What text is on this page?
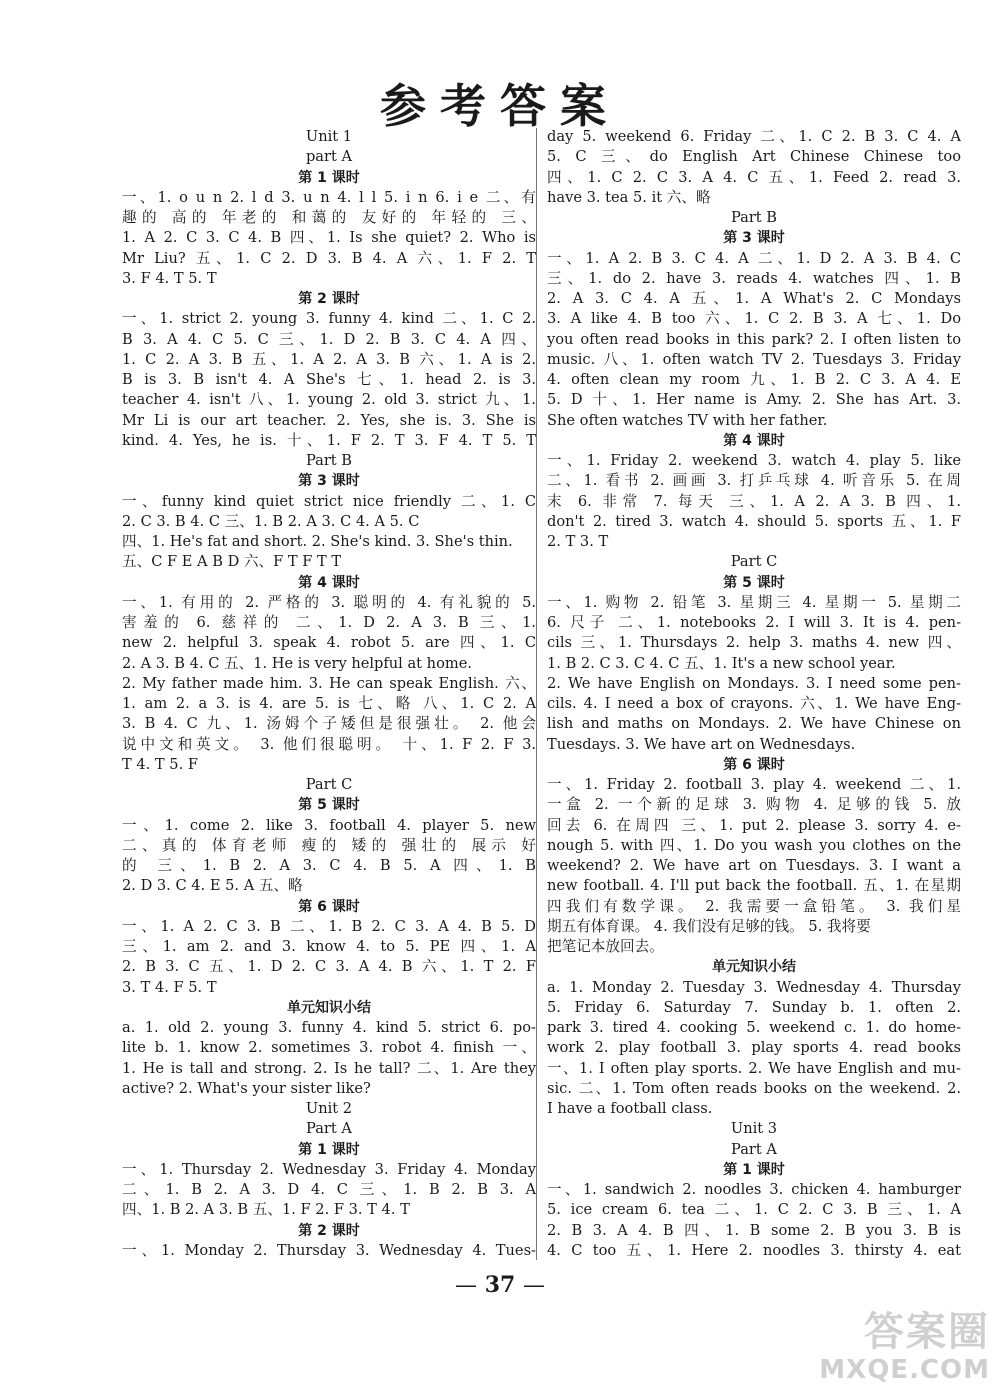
参考答案
Unit 1
part A
第 1 课时
一、1. o u n 2. l d 3. u n 4. l l 5. i n 6. i e 二、有
趣的 高的 年老的 和蔼的 友好的 年轻的 三、
1. A 2. C 3. C 4. B 四、1. Is she quiet? 2. Who is
Mr Liu? 五、1. C 2. D 3. B 4. A 六、1. F 2. T
3. F 4. T 5. T
第 2 课时
一、1. strict 2. young 3. funny 4. kind 二、1. C 2.
B 3. A 4. C 5. C 三、1. D 2. B 3. C 4. A 四、
1. C 2. A 3. B 五、1. A 2. A 3. B 六、1. A is 2.
B is 3. B isn't 4. A She's 七、1. head 2. is 3.
teacher 4. isn't 八、1. young 2. old 3. strict 九、1.
Mr Li is our art teacher. 2. Yes, she is. 3. She is
kind. 4. Yes, he is. 十、1. F 2. T 3. F 4. T 5. T
Part B
第 3 课时
一、funny kind quiet strict nice friendly 二、1. C
2. C 3. B 4. C 三、1. B 2. A 3. C 4. A 5. C
四、1. He's fat and short. 2. She's kind. 3. She's thin.
五、C F E A B D 六、F T F T T
第 4 课时
一、1. 有用的 2. 严格的 3. 聪明的 4. 有礼貌的 5.
害羞的 6. 慈祥的 二、1. D 2. A 3. B 三、1.
new 2. helpful 3. speak 4. robot 5. are 四、1. C
2. A 3. B 4. C 五、1. He is very helpful at home.
2. My father made him. 3. He can speak English. 六、
1. am 2. a 3. is 4. are 5. is 七、略 八、1. C 2. A
3. B 4. C 九、1. 汤姆个子矮但是很强壮。 2. 他会
说中文和英文。 3. 他们很聪明。 十、1. F 2. F 3.
T 4. T 5. F
Part C
第 5 课时
一、1. come 2. like 3. football 4. player 5. new
二、真的 体育老师 瘦的 矮的 强壮的 展示 好
的 三、1. B 2. A 3. C 4. B 5. A 四、1. B
2. D 3. C 4. E 5. A 五、略
第 6 课时
一、1. A 2. C 3. B 二、1. B 2. C 3. A 4. B 5. D
三、1. am 2. and 3. know 4. to 5. PE 四、1. A
2. B 3. C 五、1. D 2. C 3. A 4. B 六、1. T 2. F
3. T 4. F 5. T
单元知识小结
a. 1. old 2. young 3. funny 4. kind 5. strict 6. po-
lite b. 1. know 2. sometimes 3. robot 4. finish 一、
1. He is tall and strong. 2. Is he tall? 二、1. Are they
active? 2. What's your sister like?
Unit 2
Part A
第 1 课时
一、1. Thursday 2. Wednesday 3. Friday 4. Monday
二、1. B 2. A 3. D 4. C 三、1. B 2. B 3. A
四、1. B 2. A 3. B 五、1. F 2. F 3. T 4. T
第 2 课时
一、1. Monday 2. Thursday 3. Wednesday 4. Tues-
day 5. weekend 6. Friday 二、1. C 2. B 3. C 4. A
5. C 三、do English Art Chinese Chinese too
四、1. C 2. C 3. A 4. C 五、1. Feed 2. read 3.
have 3. tea 5. it 六、略
Part B
第 3 课时
一、1. A 2. B 3. C 4. A 二、1. D 2. A 3. B 4. C
三、1. do 2. have 3. reads 4. watches 四、1. B
2. A 3. C 4. A 五、1. A What's 2. C Mondays
3. A like 4. B too 六、1. C 2. B 3. A 七、1. Do
you often read books in this park? 2. I often listen to
music. 八、1. often watch TV 2. Tuesdays 3. Friday
4. often clean my room 九、1. B 2. C 3. A 4. E
5. D 十、1. Her name is Amy. 2. She has Art. 3.
She often watches TV with her father.
第 4 课时
一、1. Friday 2. weekend 3. watch 4. play 5. like
二、1. 看书 2. 画画 3. 打乒乓球 4. 听音乐 5. 在周
末 6. 非常 7. 每天 三、1. A 2. A 3. B 四、1.
don't 2. tired 3. watch 4. should 5. sports 五、1. F
2. T 3. T
Part C
第 5 课时
一、1. 购物 2. 铅笔 3. 星期三 4. 星期一 5. 星期二
6. 尺子 二、1. notebooks 2. I will 3. It is 4. pen-
cils 三、1. Thursdays 2. help 3. maths 4. new 四、
1. B 2. C 3. C 4. C 五、1. It's a new school year.
2. We have English on Mondays. 3. I need some pen-
cils. 4. I need a box of crayons. 六、1. We have Eng-
lish and maths on Mondays. 2. We have Chinese on
Tuesdays. 3. We have art on Wednesdays.
第 6 课时
一、1. Friday 2. football 3. play 4. weekend 二、1.
一盒 2. 一个新的足球 3. 购物 4. 足够的钱 5. 放
回去 6. 在周四 三、1. put 2. please 3. sorry 4. e-
nough 5. with 四、1. Do you wash you clothes on the
weekend? 2. We have art on Tuesdays. 3. I want a
new football. 4. I'll put back the football. 五、1. 在星期
四我们有数学课。 2. 我需要一盒铅笔。 3. 我们星
期五有体育课。 4. 我们没有足够的钱。 5. 我将要
把笔记本放回去。
单元知识小结
a. 1. Monday 2. Tuesday 3. Wednesday 4. Thursday
5. Friday 6. Saturday 7. Sunday b. 1. often 2.
park 3. tired 4. cooking 5. weekend c. 1. do home-
work 2. play football 3. play sports 4. read books
一、1. I often play sports. 2. We have English and mu-
sic. 二、1. Tom often reads books on the weekend. 2.
I have a football class.
Unit 3
Part A
第 1 课时
一、1. sandwich 2. noodles 3. chicken 4. hamburger
5. ice cream 6. tea 二、1. C 2. C 3. B 三、1. A
2. B 3. A 4. B 四、1. B some 2. B you 3. B is
4. C too 五、1. Here 2. noodles 3. thirsty 4. eat
— 37 —
答案圈
MXQE.COM
